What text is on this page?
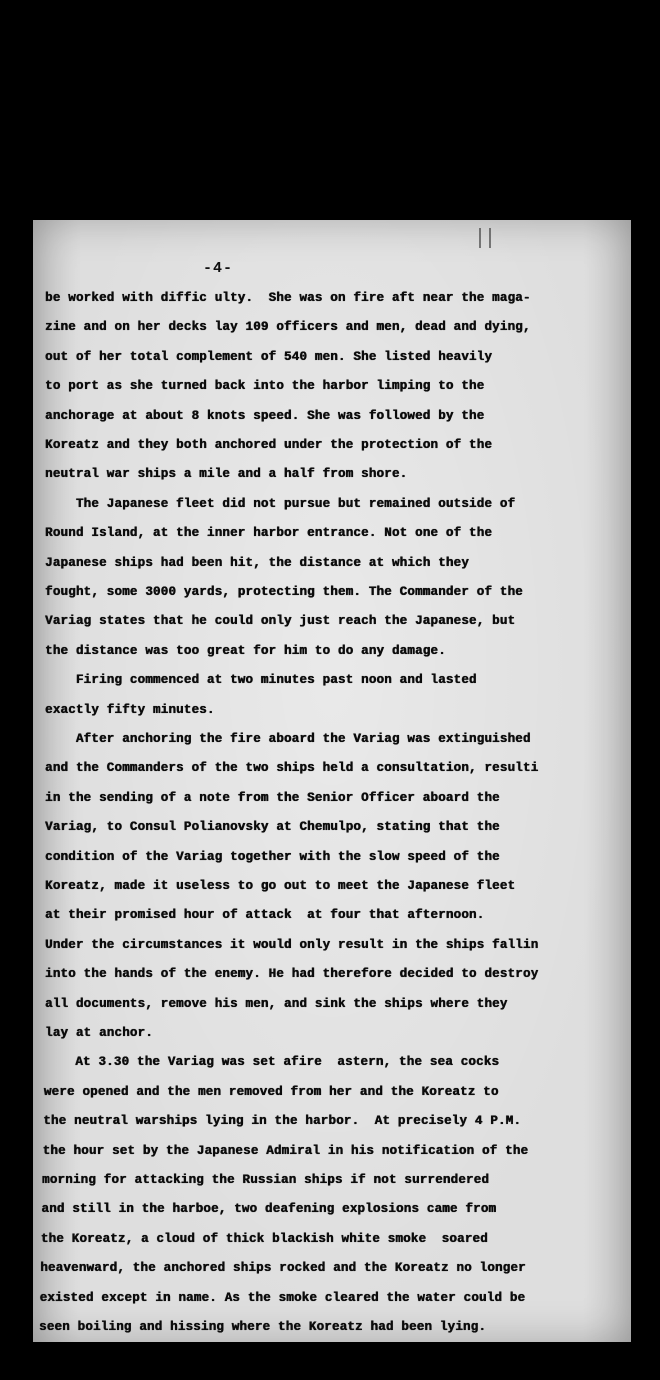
-4-
be worked with diffic ulty.  She was on fire aft near the maga-
zine and on her decks lay 109 officers and men, dead and dying,
out of her total complement of 540 men. She listed heavily
to port as she turned back into the harbor limping to the
anchorage at about 8 knots speed. She was followed by the
Koreatz and they both anchored under the protection of the
neutral war ships a mile and a half from shore.
The Japanese fleet did not pursue but remained outside of
Round Island, at the inner harbor entrance. Not one of the
Japanese ships had been hit, the distance at which they
fought, some 3000 yards, protecting them. The Commander of the
Variag states that he could only just reach the Japanese, but
the distance was too great for him to do any damage.
Firing commenced at two minutes past noon and lasted
exactly fifty minutes.
After anchoring the fire aboard the Variag was extinguished
and the Commanders of the two ships held a consultation, resulti
in the sending of a note from the Senior Officer aboard the
Variag, to Consul Polianovsky at Chemulpo, stating that the
condition of the Variag together with the slow speed of the
Koreatz, made it useless to go out to meet the Japanese fleet
at their promised hour of attack  at four that afternoon.
Under the circumstances it would only result in the ships fallin
into the hands of the enemy. He had therefore decided to destroy
all documents, remove his men, and sink the ships where they
lay at anchor.
At 3.30 the Variag was set afire  astern, the sea cocks
were opened and the men removed from her and the Koreatz to
the neutral warships lying in the harbor.  At precisely 4 P.M.
the hour set by the Japanese Admiral in his notification of the
morning for attacking the Russian ships if not surrendered
and still in the harboe, two deafening explosions came from
the Koreatz, a cloud of thick blackish white smoke  soared
heavenward, the anchored ships rocked and the Koreatz no longer
existed except in name. As the smoke cleared the water could be
seen boiling and hissing where the Koreatz had been lying.
